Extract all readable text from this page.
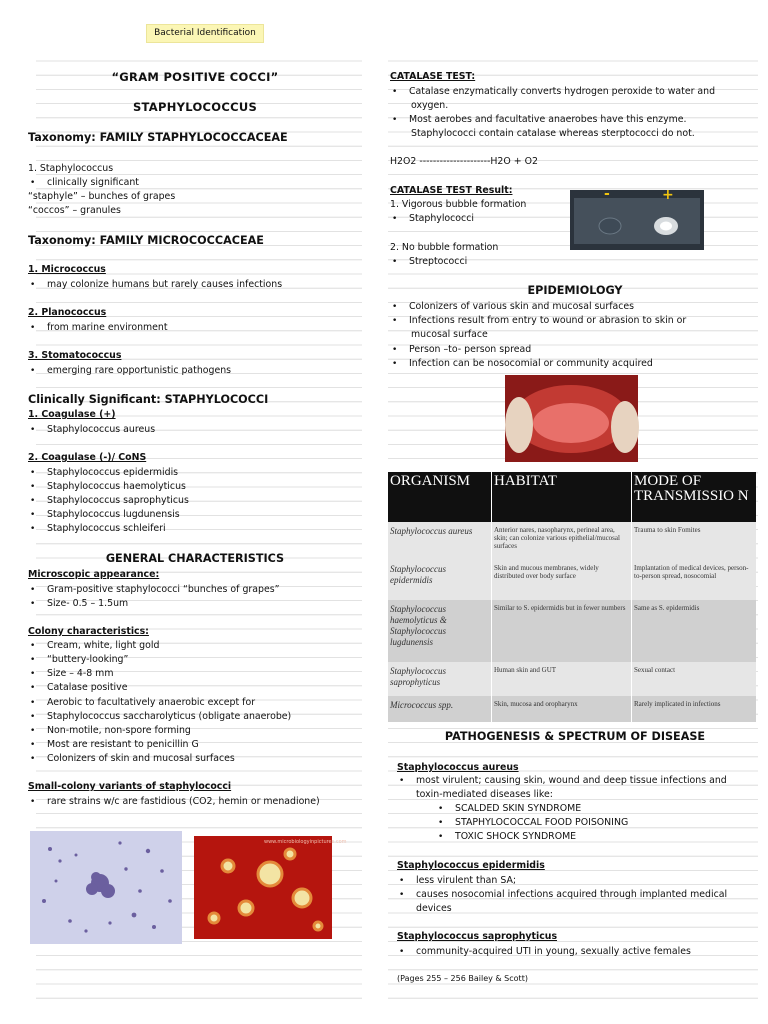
Bacterial Identification
“GRAM POSITIVE COCCI”
STAPHYLOCOCCUS
Taxonomy: FAMILY STAPHYLOCOCCACEAE
1. Staphylococcus
• clinically significant
“staphyle” – bunches of grapes
“coccos” – granules
Taxonomy: FAMILY MICROCOCCACEAE
1. Micrococcus
• may colonize humans but rarely causes infections
2. Planococcus
• from marine environment
3. Stomatococcus
• emerging rare opportunistic pathogens
Clinically Significant: STAPHYLOCOCCI
1. Coagulase (+)
• Staphylococcus aureus
2. Coagulase (-)/ CoNS
• Staphylococcus epidermidis
• Staphylococcus haemolyticus
• Staphylococcus saprophyticus
• Staphylococcus lugdunensis
• Staphylococcus schleiferi
GENERAL CHARACTERISTICS
Microscopic appearance:
• Gram-positive staphylococci “bunches of grapes”
• Size- 0.5 – 1.5um
Colony characteristics:
• Cream, white, light gold
• “buttery-looking”
• Size – 4-8 mm
• Catalase positive
• Aerobic to facultatively anaerobic except for
• Staphylococcus saccharolyticus (obligate anaerobe)
• Non-motile, non-spore forming
• Most are resistant to penicillin G
• Colonizers of skin and mucosal surfaces
Small-colony variants of staphylococci
• rare strains w/c are fastidious (CO2, hemin or menadione)
www.microbiologyinpictures.com
CATALASE TEST:
• Catalase enzymatically converts hydrogen peroxide to water and
oxygen.
• Most aerobes and facultative anaerobes have this enzyme.
Staphylococci contain catalase whereas sterptococci do not.
H2O2 ---------------------H2O + O2
CATALASE TEST Result:
1. Vigorous bubble formation
• Staphylococci
2. No bubble formation
• Streptococci
EPIDEMIOLOGY
• Colonizers of various skin and mucosal surfaces
• Infections result from entry to wound or abrasion to skin or
mucosal surface
• Person –to- person spread
• Infection can be nosocomial or community acquired
PATHOGENESIS & SPECTRUM OF DISEASE
Staphylococcus aureus
• most virulent; causing skin, wound and deep tissue infections and
toxin-mediated diseases like:
• SCALDED SKIN SYNDROME
• STAPHYLOCOCCAL FOOD POISONING
• TOXIC SHOCK SYNDROME
Staphylococcus epidermidis
• less virulent than SA;
• causes nosocomial infections acquired through implanted medical
devices
Staphylococcus saprophyticus
• community-acquired UTI in young, sexually active females
(Pages 255 – 256 Bailey & Scott)
-	+
ORGANISM	HABITAT	MODE OF TRANSMISSIO N
Staphylococcus aureus	Anterior nares, nasopharynx, perineal area, skin; can colonize various epithelial/mucosal surfaces	Trauma to skin Fomites
Staphylococcus epidermidis	Skin and mucous membranes, widely distributed over body surface	Implantation of medical devices, person-to-person spread, nosocomial
Staphylococcus haemolyticus & Staphylococcus lugdunensis	Similar to S. epidermidis but in fewer numbers	Same as S. epidermidis
Staphylococcus saprophyticus	Human skin and GUT	Sexual contact
Micrococcus spp.	Skin, mucosa and oropharynx	Rarely implicated in infections
